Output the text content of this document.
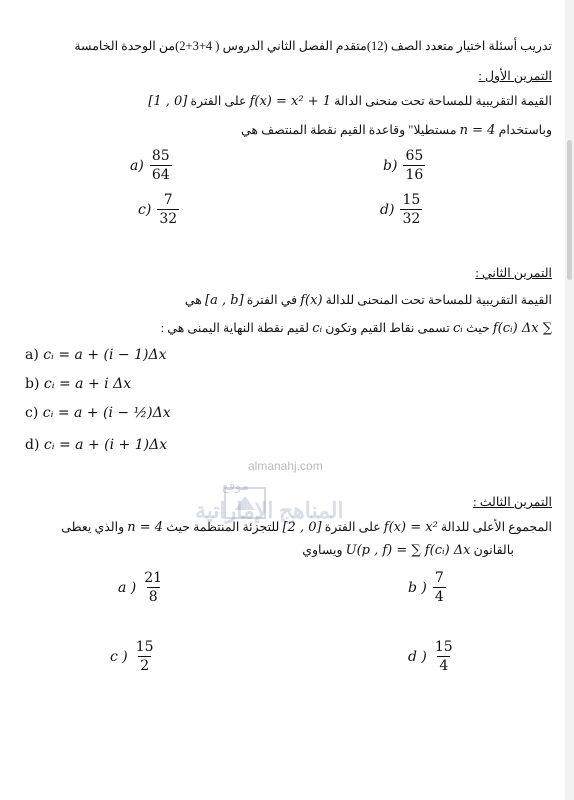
تدريب أسئلة اختيار متعدد الصف (12)متقدم الفصل الثاني الدروس ( 4+3+2)من الوحدة الخامسة
التمرين الأول :
القيمة التقريبية للمساحة تحت منحنى الدالة f(x) = x² + 1 على الفترة [0 , 1]
وباستخدام n = 4 مستطيلا" وقاعدة القيم نقطة المنتصف هي
$a) \frac{85}{64}$	$b) \frac{65}{16}$
$c) \frac{7}{32}$	$d) \frac{15}{32}$
التمرين الثاني :
القيمة التقريبية للمساحة تحت المنحنى للدالة f(x) في الفترة [a , b] هي
∑ f(cᵢ) Δx حيث cᵢ تسمى نقاط القيم وتكون cᵢ لقيم نقطة النهاية اليمنى هي :
a) cᵢ = a + (i − 1)Δx
b) cᵢ = a + i Δx
c) cᵢ = a + (i − ½)Δx
d) cᵢ = a + (i + 1)Δx
almanahj.com
موقع
المناهج الإماراتية	التمرين الثالث :
المجموع الأعلى للدالة f(x) = x² على الفترة [0 , 2] للتجزئة المنتظمة حيث n = 4 والذي يعطى
بالقانون U(p , f) = ∑ f(cᵢ) Δx ويساوي
a ) $\frac{21}{8}$	b ) $\frac{7}{4}$
c ) $\frac{15}{2}$	d ) $\frac{15}{4}$
